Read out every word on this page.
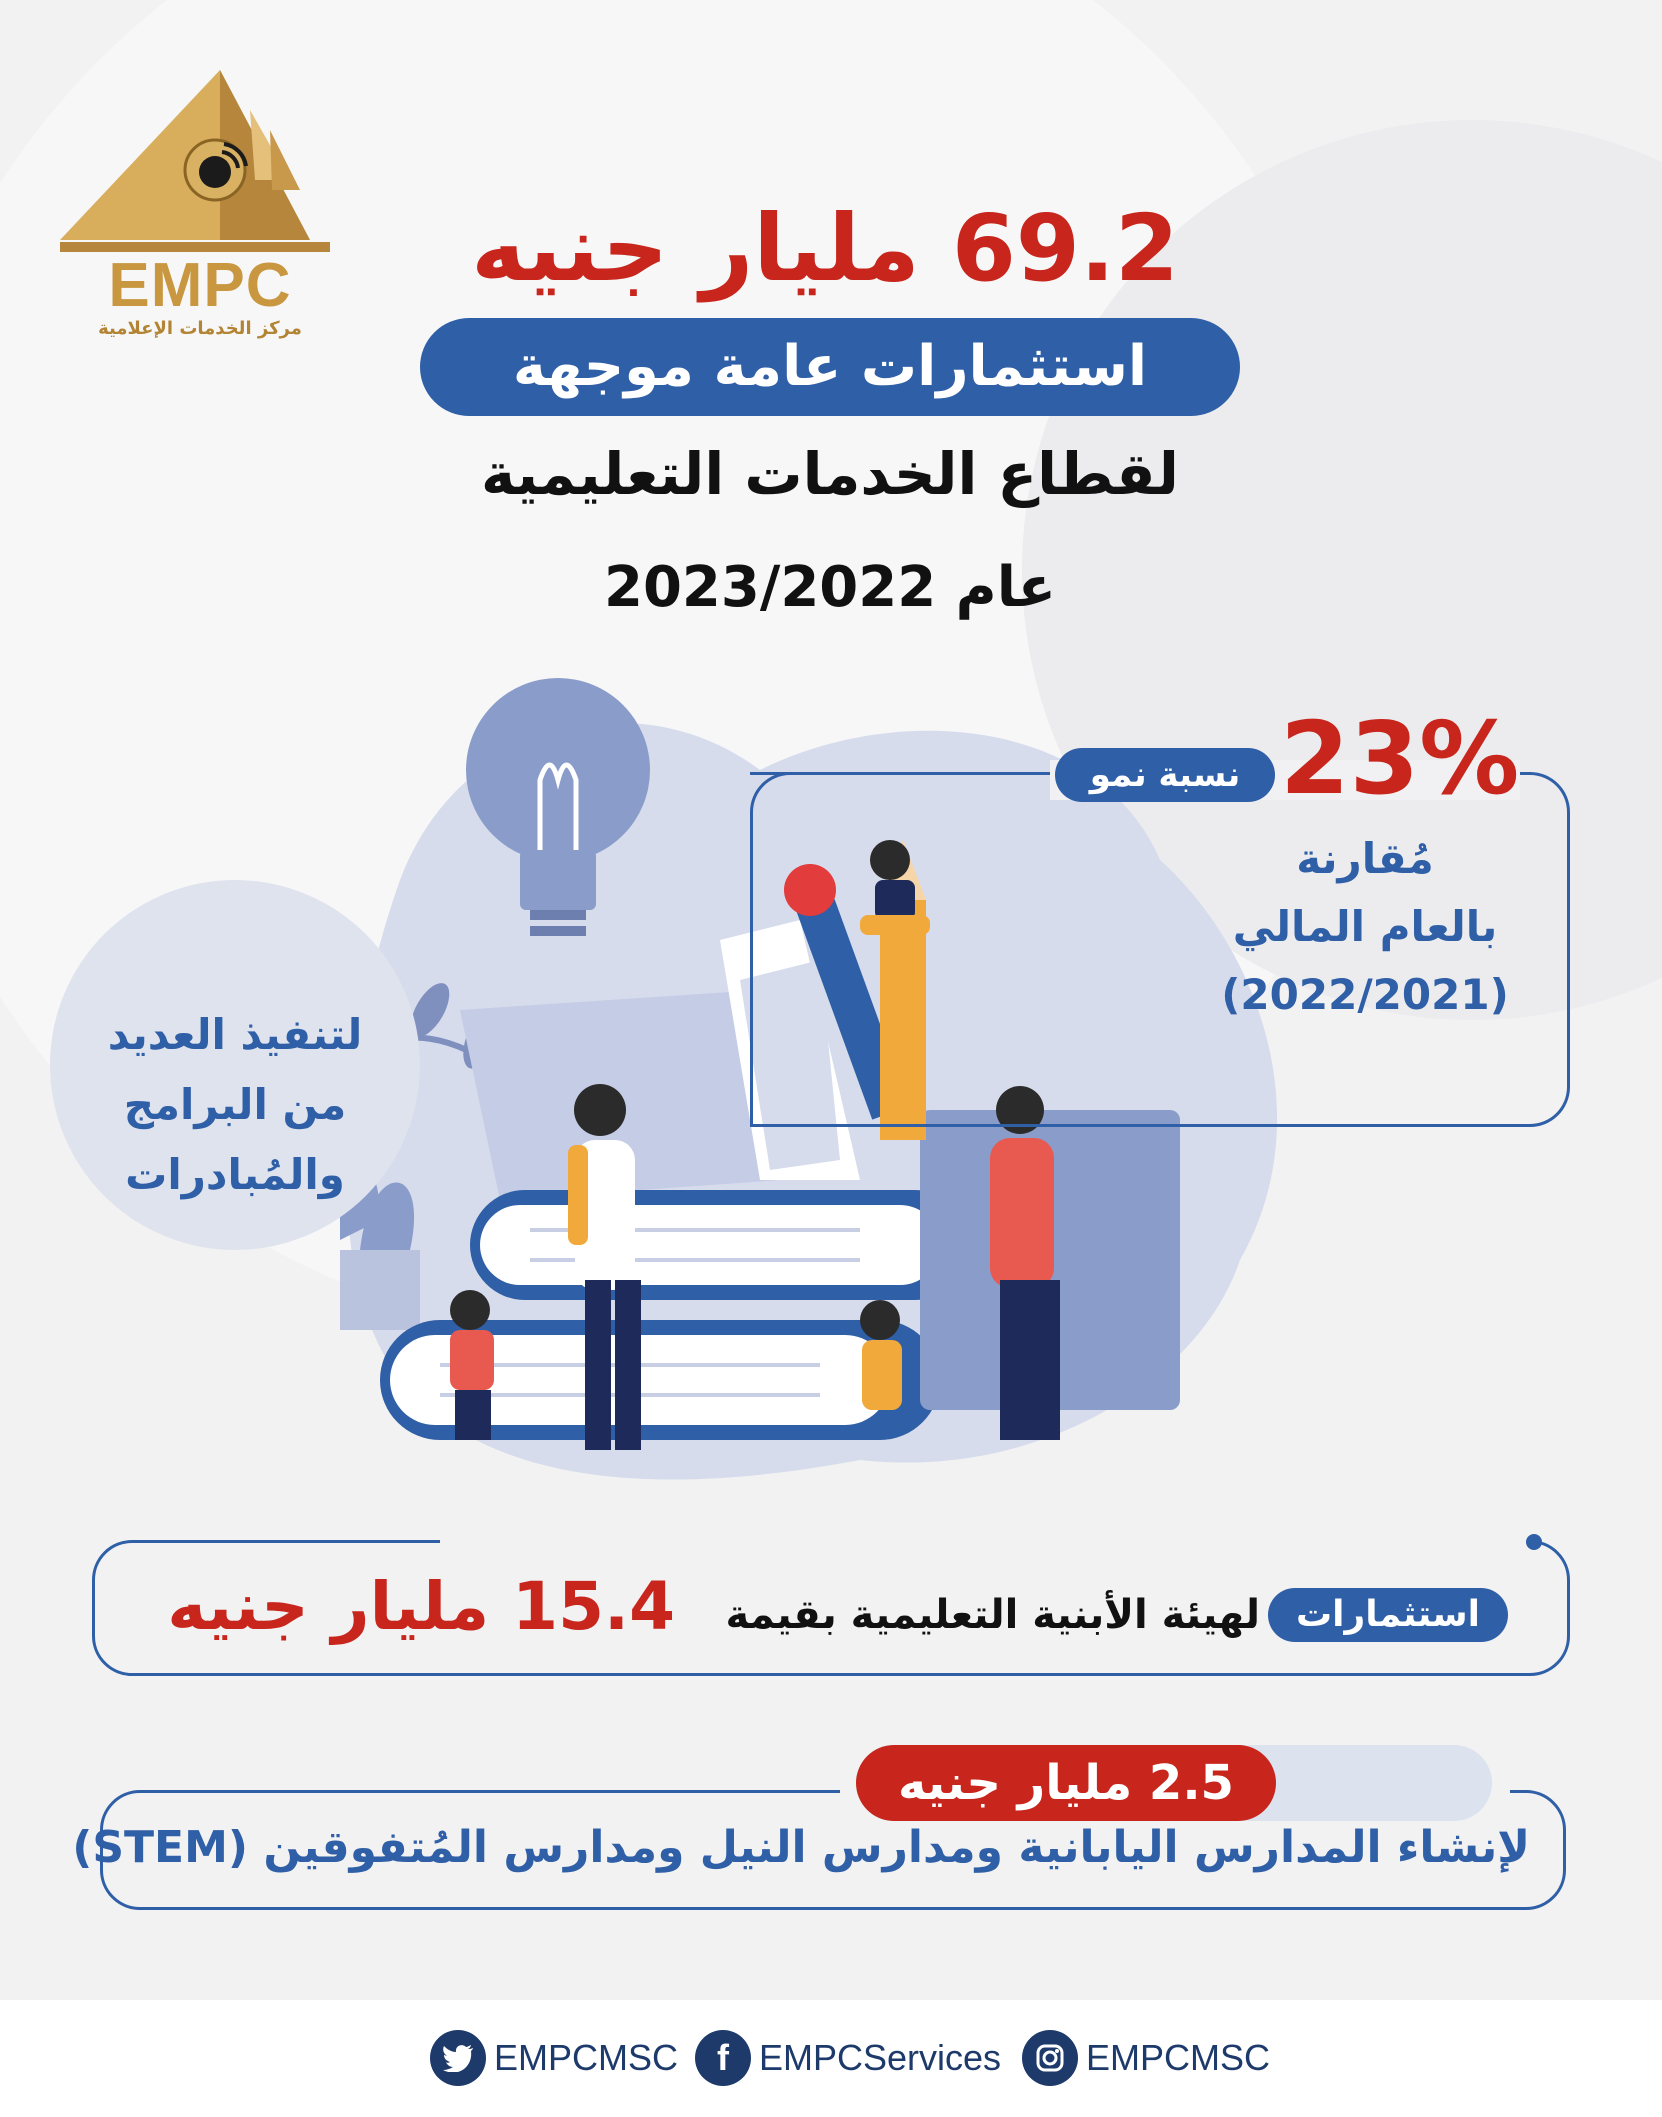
EMPC
مركز الخدمات الإعلامية
69.2 مليار جنيه
استثمارات عامة موجهة
لقطاع الخدمات التعليمية
عام 2023/2022
23%
نسبة نمو
مُقارنة
بالعام المالي
(2022/2021)
لتنفيذ العديد
من البرامج
والمُبادرات
استثمارات
لهيئة الأبنية التعليمية بقيمة
15.4 مليار جنيه
2.5 مليار جنيه
لإنشاء المدارس اليابانية ومدارس النيل ومدارس المُتفوقين (STEM)
EMPCMSC f EMPCServices EMPCMSC
